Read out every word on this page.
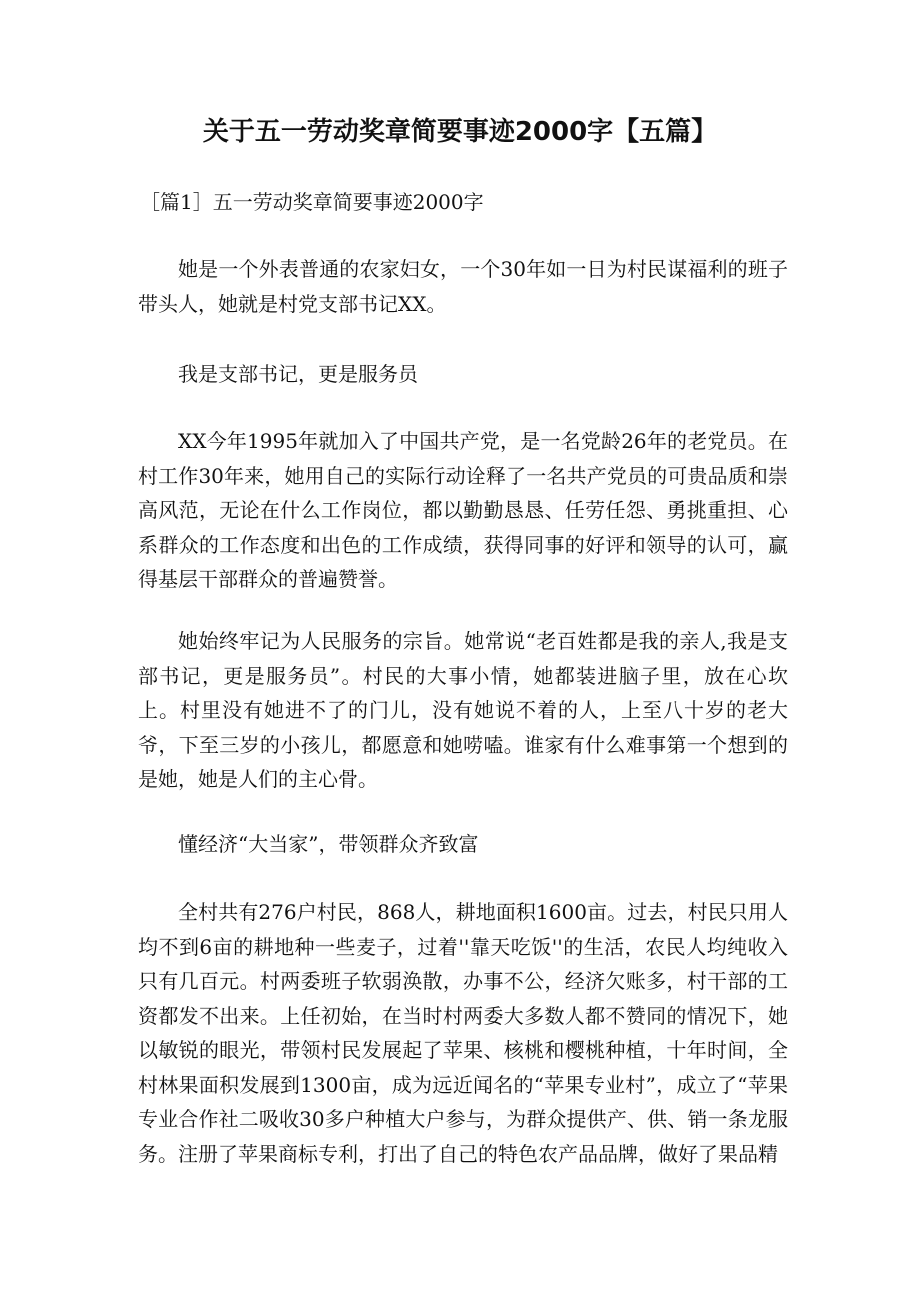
关于五一劳动奖章简要事迹2000字【五篇】
［篇1］五一劳动奖章简要事迹2000字
她是一个外表普通的农家妇女，一个30年如一日为村民谋福利的班子带头人，她就是村党支部书记XX。
我是支部书记，更是服务员
XX今年1995年就加入了中国共产党，是一名党龄26年的老党员。在村工作30年来，她用自己的实际行动诠释了一名共产党员的可贵品质和崇高风范，无论在什么工作岗位，都以勤勤恳恳、任劳任怨、勇挑重担、心系群众的工作态度和出色的工作成绩，获得同事的好评和领导的认可，赢得基层干部群众的普遍赞誉。
她始终牢记为人民服务的宗旨。她常说“老百姓都是我的亲人,我是支部书记，更是服务员”。村民的大事小情，她都装进脑子里，放在心坎上。村里没有她进不了的门儿，没有她说不着的人，上至八十岁的老大爷，下至三岁的小孩儿，都愿意和她唠嗑。谁家有什么难事第一个想到的是她，她是人们的主心骨。
懂经济“大当家”，带领群众齐致富
全村共有276户村民，868人，耕地面积1600亩。过去，村民只用人均不到6亩的耕地种一些麦子，过着''靠天吃饭''的生活，农民人均纯收入只有几百元。村两委班子软弱涣散，办事不公，经济欠账多，村干部的工资都发不出来。上任初始，在当时村两委大多数人都不赞同的情况下，她以敏锐的眼光，带领村民发展起了苹果、核桃和樱桃种植，十年时间，全村林果面积发展到1300亩，成为远近闻名的“苹果专业村”，成立了“苹果专业合作社二吸收30多户种植大户参与，为群众提供产、供、销一条龙服务。注册了苹果商标专利，打出了自己的特色农产品品牌，做好了果品精
